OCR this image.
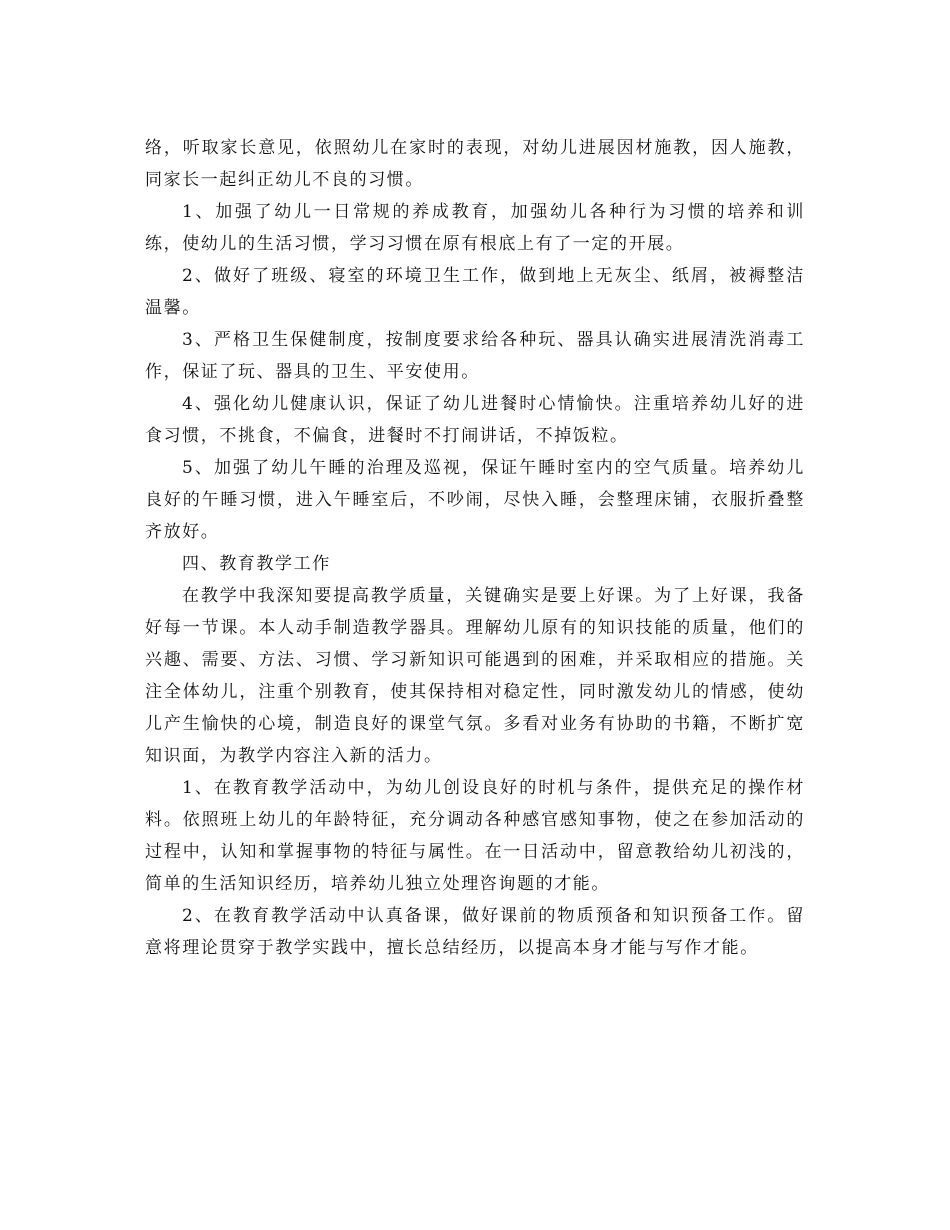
络，听取家长意见，依照幼儿在家时的表现，对幼儿进展因材施教，因人施教，同家长一起纠正幼儿不良的习惯。

1、加强了幼儿一日常规的养成教育，加强幼儿各种行为习惯的培养和训练，使幼儿的生活习惯，学习习惯在原有根底上有了一定的开展。

2、做好了班级、寝室的环境卫生工作，做到地上无灰尘、纸屑，被褥整洁温馨。

3、严格卫生保健制度，按制度要求给各种玩、器具认确实进展清洗消毒工作，保证了玩、器具的卫生、平安使用。

4、强化幼儿健康认识，保证了幼儿进餐时心情愉快。注重培养幼儿好的进食习惯，不挑食，不偏食，进餐时不打闹讲话，不掉饭粒。

5、加强了幼儿午睡的治理及巡视，保证午睡时室内的空气质量。培养幼儿良好的午睡习惯，进入午睡室后，不吵闹，尽快入睡，会整理床铺，衣服折叠整齐放好。

四、教育教学工作

在教学中我深知要提高教学质量，关键确实是要上好课。为了上好课，我备好每一节课。本人动手制造教学器具。理解幼儿原有的知识技能的质量，他们的兴趣、需要、方法、习惯、学习新知识可能遇到的困难，并采取相应的措施。关注全体幼儿，注重个别教育，使其保持相对稳定性，同时激发幼儿的情感，使幼儿产生愉快的心境，制造良好的课堂气氛。多看对业务有协助的书籍，不断扩宽知识面，为教学内容注入新的活力。

1、在教育教学活动中，为幼儿创设良好的时机与条件，提供充足的操作材料。依照班上幼儿的年龄特征，充分调动各种感官感知事物，使之在参加活动的过程中，认知和掌握事物的特征与属性。在一日活动中，留意教给幼儿初浅的，简单的生活知识经历，培养幼儿独立处理咨询题的才能。

2、在教育教学活动中认真备课，做好课前的物质预备和知识预备工作。留意将理论贯穿于教学实践中，擅长总结经历，以提高本身才能与写作才能。
